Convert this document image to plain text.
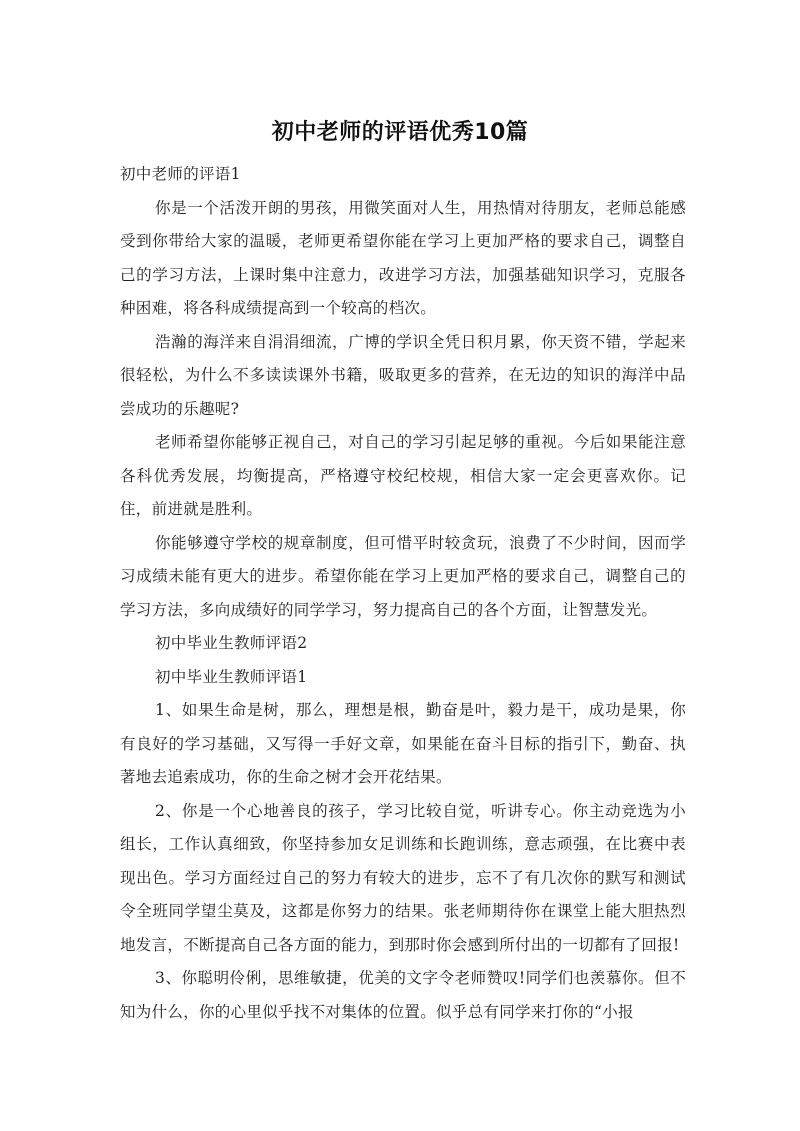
初中老师的评语优秀10篇

初中老师的评语1

你是一个活泼开朗的男孩，用微笑面对人生，用热情对待朋友，老师总能感受到你带给大家的温暖，老师更希望你能在学习上更加严格的要求自己，调整自己的学习方法，上课时集中注意力，改进学习方法，加强基础知识学习，克服各种困难，将各科成绩提高到一个较高的档次。

浩瀚的海洋来自涓涓细流，广博的学识全凭日积月累，你天资不错，学起来很轻松，为什么不多读读课外书籍，吸取更多的营养，在无边的知识的海洋中品尝成功的乐趣呢?

老师希望你能够正视自己，对自己的学习引起足够的重视。今后如果能注意各科优秀发展，均衡提高，严格遵守校纪校规，相信大家一定会更喜欢你。记住，前进就是胜利。

你能够遵守学校的规章制度，但可惜平时较贪玩，浪费了不少时间，因而学习成绩未能有更大的进步。希望你能在学习上更加严格的要求自己，调整自己的学习方法，多向成绩好的同学学习，努力提高自己的各个方面，让智慧发光。

初中毕业生教师评语2

初中毕业生教师评语1

1、如果生命是树，那么，理想是根，勤奋是叶，毅力是干，成功是果，你有良好的学习基础，又写得一手好文章，如果能在奋斗目标的指引下，勤奋、执著地去追索成功，你的生命之树才会开花结果。

2、你是一个心地善良的孩子，学习比较自觉，听讲专心。你主动竞选为小组长，工作认真细致，你坚持参加女足训练和长跑训练，意志顽强，在比赛中表现出色。学习方面经过自己的努力有较大的进步，忘不了有几次你的默写和测试令全班同学望尘莫及，这都是你努力的结果。张老师期待你在课堂上能大胆热烈地发言，不断提高自己各方面的能力，到那时你会感到所付出的一切都有了回报!

3、你聪明伶俐，思维敏捷，优美的文字令老师赞叹!同学们也羡慕你。但不知为什么，你的心里似乎找不对集体的位置。似乎总有同学来打你的“小报
